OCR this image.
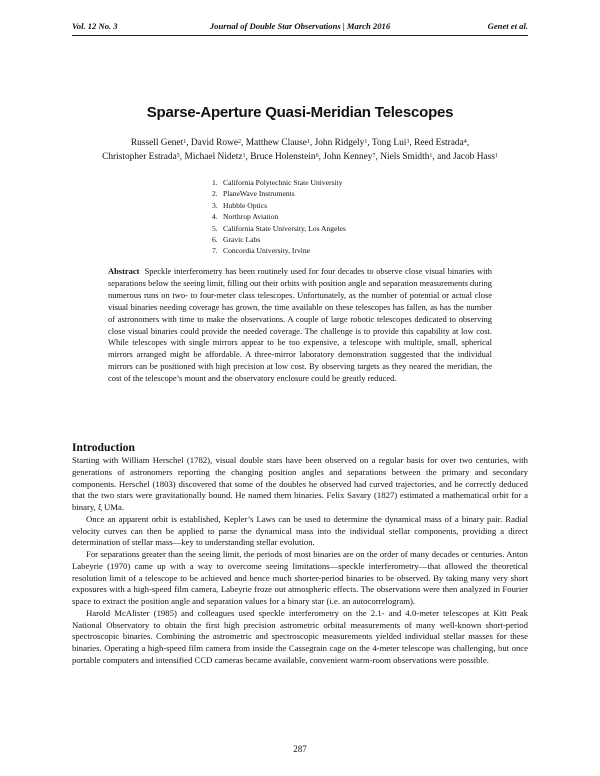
Vol. 12 No. 3	Journal of Double Star Observations | March 2016	Genet et al.
Sparse-Aperture Quasi-Meridian Telescopes
Russell Genet$^1$, David Rowe$^2$, Matthew Clause$^1$, John Ridgely$^1$, Tong Lui$^3$, Reed Estrada$^4$,
Christopher Estrada$^5$, Michael Nidetz$^1$, Bruce Holenstein$^6$, John Kenney$^7$, Niels Smidth$^1$, and Jacob Hass$^1$
1. California Polytechnic State University
2. PlaneWave Instruments
3. Hubble Optics
4. Northrop Aviation
5. California State University, Los Angeles
6. Gravic Labs
7. Concordia University, Irvine

Abstract Speckle interferometry has been routinely used for four decades to observe close visual binaries with separations below the seeing limit, filling out their orbits with position angle and separation measurements during numerous runs on two- to four-meter class telescopes. Unfortunately, as the number of potential or actual close visual binaries needing coverage has grown, the time available on these telescopes has fallen, as has the number of astronomers with time to make the observations. A couple of large robotic telescopes dedicated to observing close visual binaries could provide the needed coverage. The challenge is to provide this capability at low cost. While telescopes with single mirrors appear to be too expensive, a telescope with multiple, small, spherical mirrors arranged might be affordable. A three-mirror laboratory demonstration suggested that the individual mirrors can be positioned with high precision at low cost. By observing targets as they neared the meridian, the cost of the telescope’s mount and the observatory enclosure could be greatly reduced.

Introduction

Starting with William Herschel (1782), visual double stars have been observed on a regular basis for over two centuries, with generations of astronomers reporting the changing position angles and separations between the primary and secondary components. Herschel (1803) discovered that some of the doubles he observed had curved trajectories, and he correctly deduced that the two stars were gravitationally bound. He named them binaries. Felix Savary (1827) estimated a mathematical orbit for a binary, ξ UMa.

Once an apparent orbit is established, Kepler’s Laws can be used to determine the dynamical mass of a binary pair. Radial velocity curves can then be applied to parse the dynamical mass into the individual stellar components, providing a direct determination of stellar mass—key to understanding stellar evolution.

For separations greater than the seeing limit, the periods of most binaries are on the order of many decades or centuries. Anton Labeyrie (1970) came up with a way to overcome seeing limitations—speckle interferometry—that allowed the theoretical resolution limit of a telescope to be achieved and hence much shorter-period binaries to be observed. By taking many very short exposures with a high-speed film camera, Labeyrie froze out atmospheric effects. The observations were then analyzed in Fourier space to extract the position angle and separation values for a binary star (i.e. an autocorrelogram).

Harold McAlister (1985) and colleagues used speckle interferometry on the 2.1- and 4.0-meter telescopes at Kitt Peak National Observatory to obtain the first high precision astrometric orbital measurements of many well-known short-period spectroscopic binaries. Combining the astrometric and spectroscopic measurements yielded individual stellar masses for these binaries. Operating a high-speed film camera from inside the Cassegrain cage on the 4-meter telescope was challenging, but once portable computers and intensified CCD cameras became available, convenient warm-room observations were possible.

287
